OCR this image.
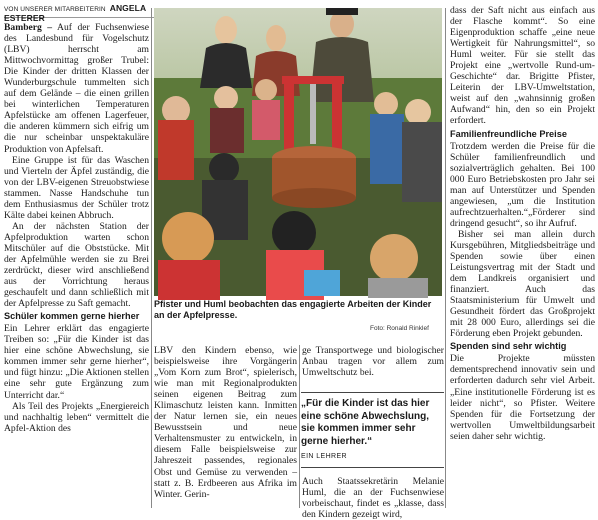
VON UNSERER MITARBEITERIN ANGELA ESTERER

Bamberg – Auf der Fuchsenwiese des Landesbund für Vogelschutz (LBV) herrscht am Mittwochvormittag großer Trubel: Die Kinder der dritten Klassen der Wunderburgschule tummelten sich auf dem Gelände – die einen grillen bei winterlichen Temperaturen Apfelstücke am offenen Lagerfeuer, die anderen kümmern sich eifrig um die nur scheinbar unspektakuläre Produktion von Apfelsaft.

Eine Gruppe ist für das Waschen und Vierteln der Äpfel zuständig, die von der LBV-eigenen Streuobstwiese stammen. Nasse Handschuhe tun dem Enthusiasmus der Schüler trotz Kälte dabei keinen Abbruch.

An der nächsten Station der Apfelproduktion warten schon Mitschüler auf die Obststücke. Mit der Apfelmühle werden sie zu Brei zerdrückt, dieser wird anschließend aus der Vorrichtung heraus geschaufelt und dann schließlich mit der Apfelpresse zu Saft gemacht.

Schüler kommen gerne hierher

Ein Lehrer erklärt das engagierte Treiben so: „Für die Kinder ist das hier eine schöne Abwechslung, sie kommen immer sehr gerne hierher“, und fügt hinzu: „Die Aktionen stellen eine sehr gute Ergänzung zum Unterricht dar.“

Als Teil des Projekts „Energiereich und nachhaltig leben“ vermittelt die Apfel-Aktion des

Pfister und Huml beobachten das engagierte Arbeiten der Kinder an der Apfelpresse.
Foto: Ronald Rinklef

LBV den Kindern ebenso, wie beispielsweise ihre Vorgängerin „Vom Korn zum Brot“, spielerisch, wie man mit Regionalprodukten seinen eigenen Beitrag zum Klimaschutz leisten kann. Inmitten der Natur lernen sie, ein neues Bewusstsein und neue Verhaltensmuster zu entwickeln, in diesem Falle beispielsweise zur Jahreszeit passendes, regionales Obst und Gemüse zu verwenden – statt z. B. Erdbeeren aus Afrika im Winter. Gerin-

ge Transportwege und biologischer Anbau tragen vor allem zum Umweltschutz bei.

„Für die Kinder ist das hier eine schöne Abwechslung, sie kommen immer sehr gerne hierher.“
EIN LEHRER

Auch Staatssekretärin Melanie Huml, die an der Fuchsenwiese vorbeischaut, findet es „klasse, dass den Kindern gezeigt wird,

dass der Saft nicht aus einfach aus der Flasche kommt“. So eine Eigenproduktion schaffe „eine neue Wertigkeit für Nahrungsmittel“, so Huml weiter. Für sie stellt das Projekt eine „wertvolle Rund-um-Geschichte“ dar. Brigitte Pfister, Leiterin der LBV-Umweltstation, weist auf den „wahnsinnig großen Aufwand“ hin, den so ein Projekt erfordert.

Familienfreundliche Preise

Trotzdem werden die Preise für die Schüler familienfreundlich und sozialverträglich gehalten. Bei 100 000 Euro Betriebskosten pro Jahr sei man auf Unterstützer und Spenden angewiesen, „um die Institution aufrechtzuerhalten.“„Förderer sind dringend gesucht“, so ihr Aufruf.

Bisher sei man allein durch Kursgebühren, Mitgliedsbeiträge und Spenden sowie über einen Leistungsvertrag mit der Stadt und dem Landkreis organisiert und finanziert. Auch das Staatsministerium für Umwelt und Gesundheit fördert das Großprojekt mit 28 000 Euro, allerdings sei die Förderung eben Projekt gebunden.

Spenden sind sehr wichtig

Die Projekte müssten dementsprechend innovativ sein und erforderten dadurch sehr viel Arbeit. „Eine institutionelle Förderung ist es leider nicht“, so Pfister. Weitere Spenden für die Fortsetzung der wertvollen Umweltbildungsarbeit seien daher sehr wichtig.
